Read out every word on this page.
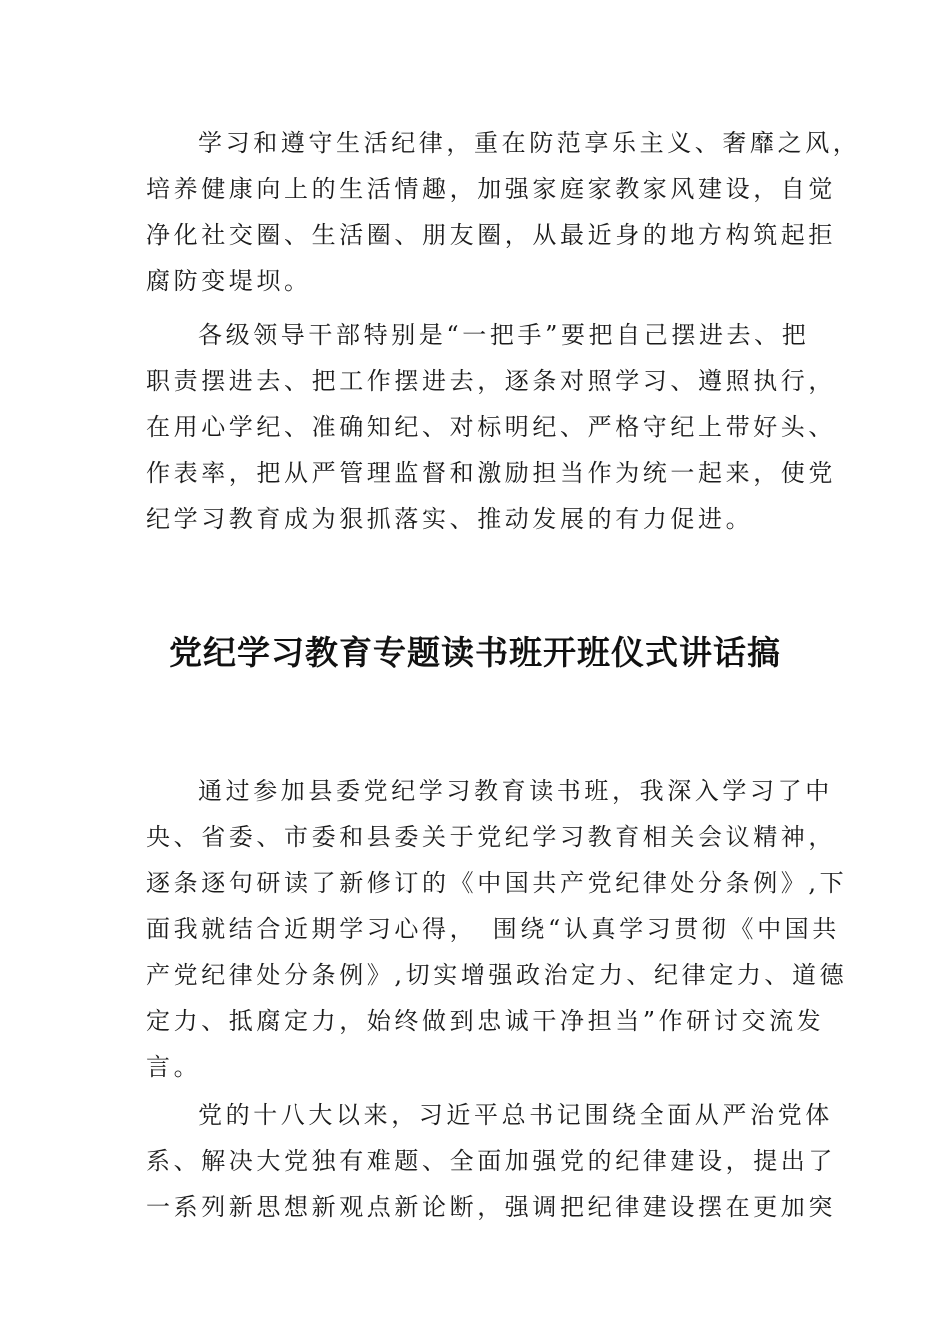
学习和遵守生活纪律，重在防范享乐主义、奢靡之风，
培养健康向上的生活情趣，加强家庭家教家风建设，自觉
净化社交圈、生活圈、朋友圈，从最近身的地方构筑起拒
腐防变堤坝。
各级领导干部特别是“一把手”要把自己摆进去、把
职责摆进去、把工作摆进去，逐条对照学习、遵照执行，
在用心学纪、准确知纪、对标明纪、严格守纪上带好头、
作表率，把从严管理监督和激励担当作为统一起来，使党
纪学习教育成为狠抓落实、推动发展的有力促进。
党纪学习教育专题读书班开班仪式讲话搞
通过参加县委党纪学习教育读书班，我深入学习了中
央、省委、市委和县委关于党纪学习教育相关会议精神，
逐条逐句研读了新修订的《中国共产党纪律处分条例》,下
面我就结合近期学习心得，　围绕“认真学习贯彻《中国共
产党纪律处分条例》,切实增强政治定力、纪律定力、道德
定力、抵腐定力，始终做到忠诚干净担当”作研讨交流发
言。
党的十八大以来，习近平总书记围绕全面从严治党体
系、解决大党独有难题、全面加强党的纪律建设，提出了
一系列新思想新观点新论断，强调把纪律建设摆在更加突
